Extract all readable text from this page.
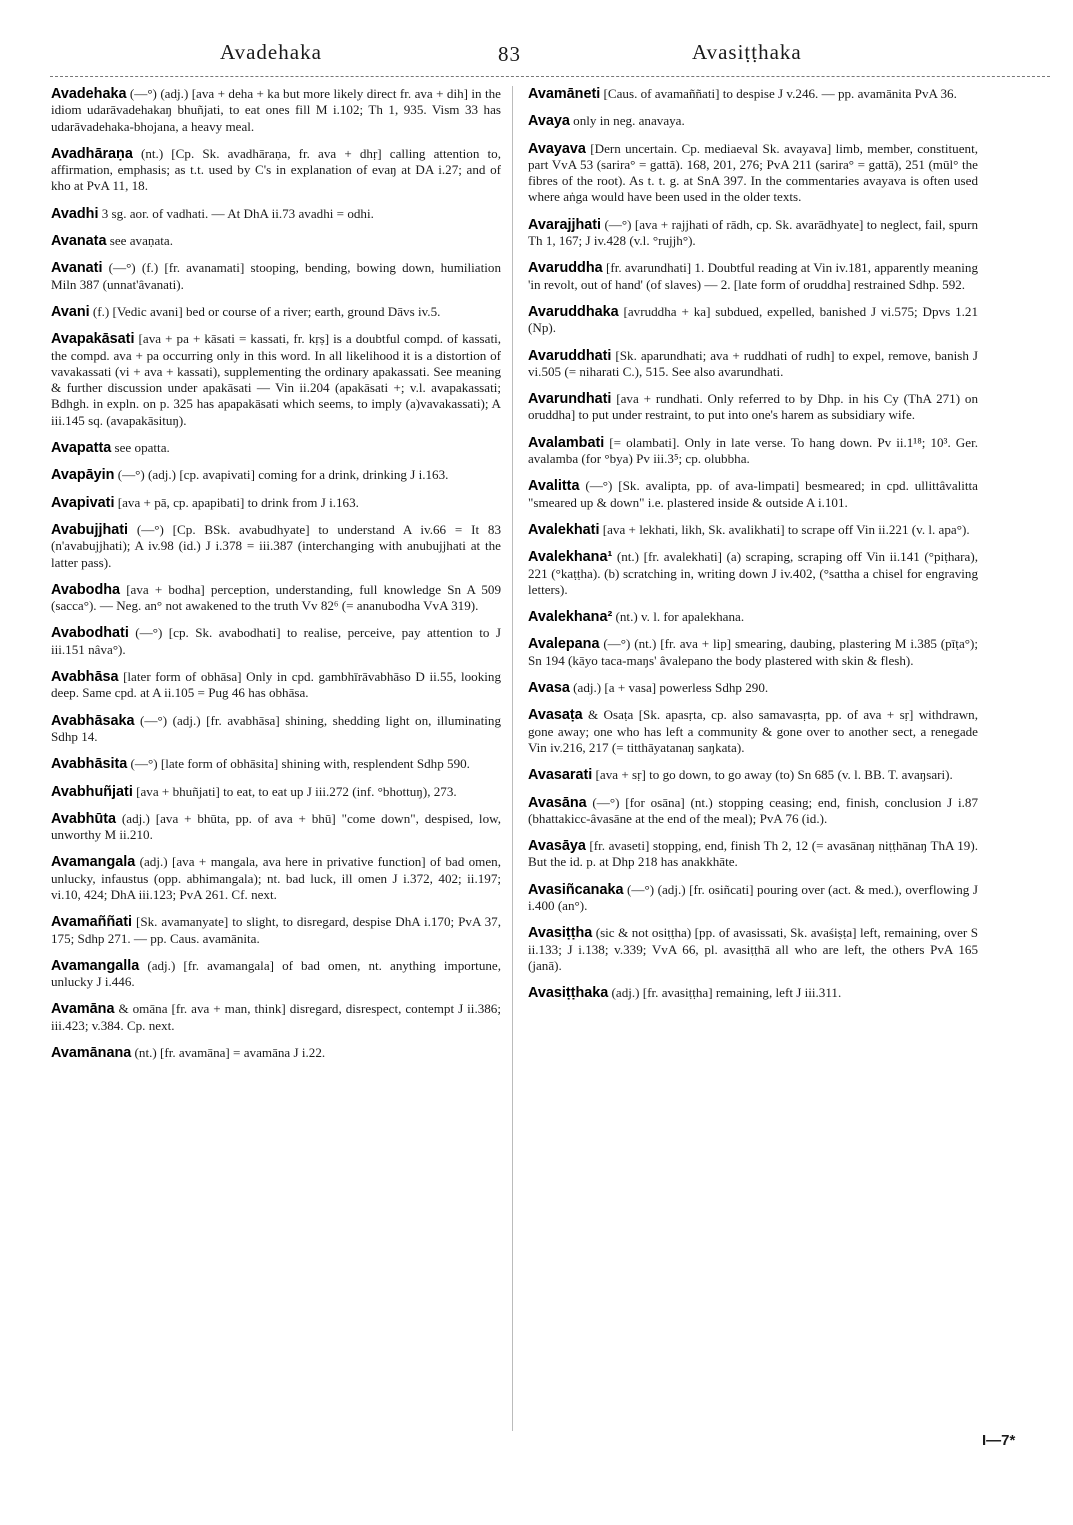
Avadehaka	83	Avasiṭṭhaka

Avadehaka (—°) (adj.) [ava + deha + ka but more likely direct fr. ava + dih] in the idiom udarāvadehakaŋ bhuñjati, to eat ones fill M i.102; Th 1, 935. Vism 33 has udarāvadehaka-bhojana, a heavy meal.

Avadhāraṇa (nt.) [Cp. Sk. avadhāraṇa, fr. ava + dhṛ] calling attention to, affirmation, emphasis; as t.t. used by C's in explanation of evaŋ at DA i.27; and of kho at PvA 11, 18.

Avadhi 3 sg. aor. of vadhati. — At DhA ii.73 avadhi = odhi.

Avanata see avaṇata.

Avanati (—°) (f.) [fr. avanamati] stooping, bending, bowing down, humiliation Miln 387 (unnat'âvanati).

Avani (f.) [Vedic avani] bed or course of a river; earth, ground Dāvs iv.5.

Avapakāsati [ava + pa + kāsati = kassati, fr. kṛṣ] is a doubtful compd. of kassati, the compd. ava + pa occurring only in this word. In all likelihood it is a distortion of vavakassati (vi + ava + kassati), supplementing the ordinary apakassati. See meaning & further discussion under apakāsati — Vin ii.204 (apakāsati +; v.l. avapakassati; Bdhgh. in expln. on p. 325 has apapakāsati which seems, to imply (a)vavakassati); A iii.145 sq. (avapakāsituŋ).

Avapatta see opatta.

Avapāyin (—°) (adj.) [cp. avapivati] coming for a drink, drinking J i.163.

Avapivati [ava + pā, cp. apapibati] to drink from J i.163.

Avabujjhati (—°) [Cp. BSk. avabudhyate] to understand A iv.66 = It 83 (n'avabujjhati); A iv.98 (id.) J i.378 = iii.387 (interchanging with anubujjhati at the latter pass).

Avabodha [ava + bodha] perception, understanding, full knowledge Sn A 509 (sacca°). — Neg. an° not awakened to the truth Vv 82⁶ (= ananubodha VvA 319).

Avabodhati (—°) [cp. Sk. avabodhati] to realise, perceive, pay attention to J iii.151 nâva°).

Avabhāsa [later form of obhāsa] Only in cpd. gambhīrāvabhāso D ii.55, looking deep. Same cpd. at A ii.105 = Pug 46 has obhāsa.

Avabhāsaka (—°) (adj.) [fr. avabhāsa] shining, shedding light on, illuminating Sdhp 14.

Avabhāsita (—°) [late form of obhāsita] shining with, resplendent Sdhp 590.

Avabhuñjati [ava + bhuñjati] to eat, to eat up J iii.272 (inf. °bhottuŋ), 273.

Avabhūta (adj.) [ava + bhūta, pp. of ava + bhū] "come down", despised, low, unworthy M ii.210.

Avamangala (adj.) [ava + mangala, ava here in privative function] of bad omen, unlucky, infaustus (opp. abhimangala); nt. bad luck, ill omen J i.372, 402; ii.197; vi.10, 424; DhA iii.123; PvA 261. Cf. next.

Avamaññati [Sk. avamanyate] to slight, to disregard, despise DhA i.170; PvA 37, 175; Sdhp 271. — pp. Caus. avamānita.

Avamangalla (adj.) [fr. avamangala] of bad omen, nt. anything importune, unlucky J i.446.

Avamāna & omāna [fr. ava + man, think] disregard, disrespect, contempt J ii.386; iii.423; v.384. Cp. next.

Avamānana (nt.) [fr. avamāna] = avamāna J i.22.

Avamāneti [Caus. of avamaññati] to despise J v.246. — pp. avamānita PvA 36.

Avaya only in neg. anavaya.

Avayava [Dern uncertain. Cp. mediaeval Sk. avayava] limb, member, constituent, part VvA 53 (sarira° = gattā). 168, 201, 276; PvA 211 (sarira° = gattā), 251 (mūl° the fibres of the root). As t. t. g. at SnA 397. In the commentaries avayava is often used where aṅga would have been used in the older texts.

Avarajjhati (—°) [ava + rajjhati of rādh, cp. Sk. avarādhyate] to neglect, fail, spurn Th 1, 167; J iv.428 (v.l. °rujjh°).

Avaruddha [fr. avarundhati] 1. Doubtful reading at Vin iv.181, apparently meaning 'in revolt, out of hand' (of slaves) — 2. [late form of oruddha] restrained Sdhp. 592.

Avaruddhaka [avruddha + ka] subdued, expelled, banished J vi.575; Dpvs 1.21 (Np).

Avaruddhati [Sk. aparundhati; ava + ruddhati of rudh] to expel, remove, banish J vi.505 (= niharati C.), 515. See also avarundhati.

Avarundhati [ava + rundhati. Only referred to by Dhp. in his Cy (ThA 271) on oruddha] to put under restraint, to put into one's harem as subsidiary wife.

Avalambati [= olambati]. Only in late verse. To hang down. Pv ii.1¹⁸; 10³. Ger. avalamba (for °bya) Pv iii.3⁵; cp. olubbha.

Avalitta (—°) [Sk. avalipta, pp. of ava-limpati] besmeared; in cpd. ullittâvalitta "smeared up & down" i.e. plastered inside & outside A i.101.

Avalekhati [ava + lekhati, likh, Sk. avalikhati] to scrape off Vin ii.221 (v. l. apa°).

Avalekhana¹ (nt.) [fr. avalekhati] (a) scraping, scraping off Vin ii.141 (°piṭhara), 221 (°kaṭṭha). (b) scratching in, writing down J iv.402, (°sattha a chisel for engraving letters).

Avalekhana² (nt.) v. l. for apalekhana.

Avalepana (—°) (nt.) [fr. ava + lip] smearing, daubing, plastering M i.385 (pīṭa°); Sn 194 (kāyo taca-maŋs' âvalepano the body plastered with skin & flesh).

Avasa (adj.) [a + vasa] powerless Sdhp 290.

Avasaṭa & Osaṭa [Sk. apasṛta, cp. also samavasṛta, pp. of ava + sṛ] withdrawn, gone away; one who has left a community & gone over to another sect, a renegade Vin iv.216, 217 (= titthāyatanaŋ saŋkata).

Avasarati [ava + sṛ] to go down, to go away (to) Sn 685 (v. l. BB. T. avaŋsari).

Avasāna (—°) [for osāna] (nt.) stopping ceasing; end, finish, conclusion J i.87 (bhattakicc-âvasāne at the end of the meal); PvA 76 (id.).

Avasāya [fr. avaseti] stopping, end, finish Th 2, 12 (= avasānaŋ niṭṭhānaŋ ThA 19). But the id. p. at Dhp 218 has anakkhāte.

Avasiñcanaka (—°) (adj.) [fr. osiñcati] pouring over (act. & med.), overflowing J i.400 (an°).

Avasiṭṭha (sic & not osiṭṭha) [pp. of avasissati, Sk. avaśiṣṭa] left, remaining, over S ii.133; J i.138; v.339; VvA 66, pl. avasiṭṭhā all who are left, the others PvA 165 (janā).

Avasiṭṭhaka (adj.) [fr. avasiṭṭha] remaining, left J iii.311.

I—7*
